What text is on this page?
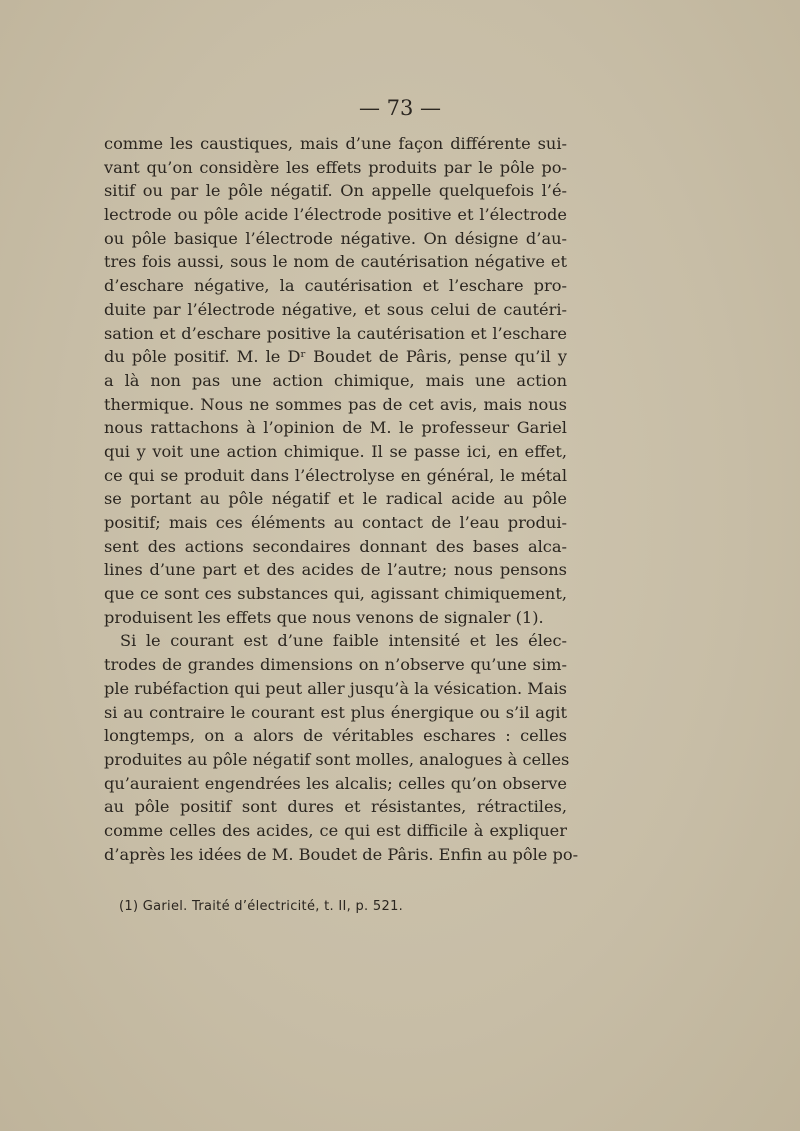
— 73 —
comme les caustiques, mais d’une façon différente sui-
vant qu’on considère les effets produits par le pôle po-
sitif ou par le pôle négatif. On appelle quelquefois l’é-
lectrode ou pôle acide l’électrode positive et l’électrode
ou pôle basique l’électrode négative. On désigne d’au-
tres fois aussi, sous le nom de cautérisation négative et
d’eschare négative, la cautérisation et l’eschare pro-
duite par l’électrode négative, et sous celui de cautéri-
sation et d’eschare positive la cautérisation et l’eschare
du pôle positif. M. le Dʳ Boudet de Pâris, pense qu’il y
a là non pas une action chimique, mais une action
thermique. Nous ne sommes pas de cet avis, mais nous
nous rattachons à l’opinion de M. le professeur Gariel
qui y voit une action chimique. Il se passe ici, en effet,
ce qui se produit dans l’électrolyse en général, le métal
se portant au pôle négatif et le radical acide au pôle
positif; mais ces éléments au contact de l’eau produi-
sent des actions secondaires donnant des bases alca-
lines d’une part et des acides de l’autre; nous pensons
que ce sont ces substances qui, agissant chimiquement,
produisent les effets que nous venons de signaler (1).
Si le courant est d’une faible intensité et les élec-
trodes de grandes dimensions on n’observe qu’une sim-
ple rubéfaction qui peut aller jusqu’à la vésication. Mais
si au contraire le courant est plus énergique ou s’il agit
longtemps, on a alors de véritables eschares : celles
produites au pôle négatif sont molles, analogues à celles
qu’auraient engendrées les alcalis; celles qu’on observe
au pôle positif sont dures et résistantes, rétractiles,
comme celles des acides, ce qui est difficile à expliquer
d’après les idées de M. Boudet de Pâris. Enfin au pôle po-
(1) Gariel. Traité d’électricité, t. II, p. 521.
